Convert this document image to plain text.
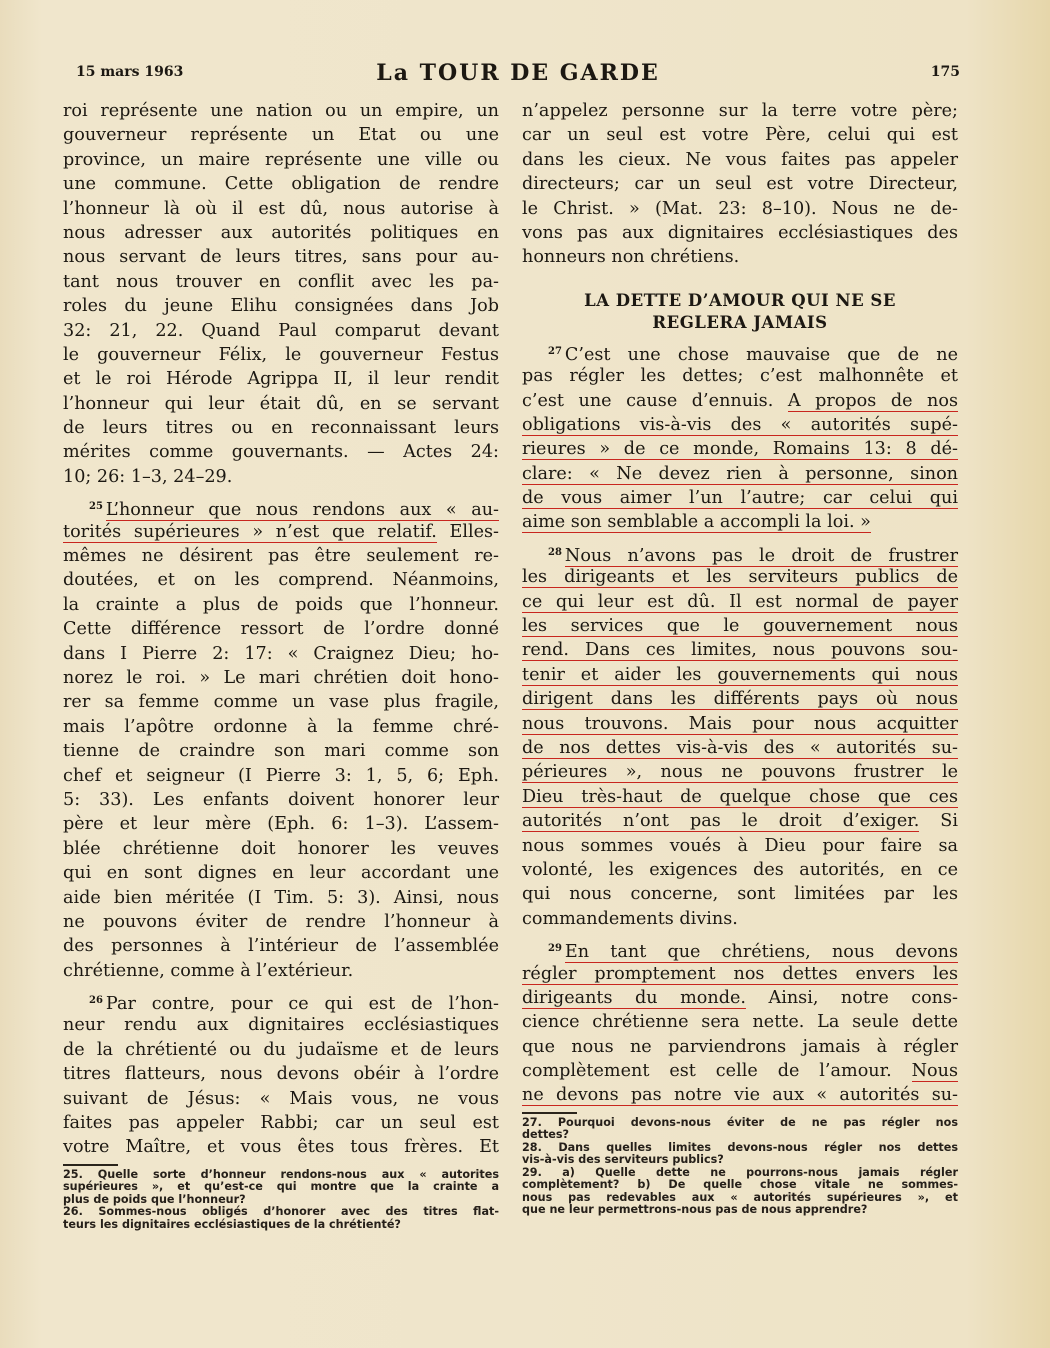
15 mars 1963	La TOUR DE GARDE	175
roi représente une nation ou un empire, un
gouverneur représente un Etat ou une
province, un maire représente une ville ou
une commune. Cette obligation de rendre
l’honneur là où il est dû, nous autorise à
nous adresser aux autorités politiques en
nous servant de leurs titres, sans pour au-
tant nous trouver en conflit avec les pa-
roles du jeune Elihu consignées dans Job
32: 21, 22. Quand Paul comparut devant
le gouverneur Félix, le gouverneur Festus
et le roi Hérode Agrippa II, il leur rendit
l’honneur qui leur était dû, en se servant
de leurs titres ou en reconnaissant leurs
mérites comme gouvernants. — Actes 24:
10; 26: 1–3, 24–29.
$^{25}$ L’honneur que nous rendons aux « au-
torités supérieures » n’est que relatif. Elles-
mêmes ne désirent pas être seulement re-
doutées, et on les comprend. Néanmoins,
la crainte a plus de poids que l’honneur.
Cette différence ressort de l’ordre donné
dans I Pierre 2: 17: « Craignez Dieu; ho-
norez le roi. » Le mari chrétien doit hono-
rer sa femme comme un vase plus fragile,
mais l’apôtre ordonne à la femme chré-
tienne de craindre son mari comme son
chef et seigneur (I Pierre 3: 1, 5, 6; Eph.
5: 33). Les enfants doivent honorer leur
père et leur mère (Eph. 6: 1–3). L’assem-
blée chrétienne doit honorer les veuves
qui en sont dignes en leur accordant une
aide bien méritée (I Tim. 5: 3). Ainsi, nous
ne pouvons éviter de rendre l’honneur à
des personnes à l’intérieur de l’assemblée
chrétienne, comme à l’extérieur.
$^{26}$ Par contre, pour ce qui est de l’hon-
neur rendu aux dignitaires ecclésiastiques
de la chrétienté ou du judaïsme et de leurs
titres flatteurs, nous devons obéir à l’ordre
suivant de Jésus: « Mais vous, ne vous
faites pas appeler Rabbi; car un seul est
votre Maître, et vous êtes tous frères. Et
25. Quelle sorte d’honneur rendons-nous aux « autorites
supérieures », et qu’est-ce qui montre que la crainte a
plus de poids que l’honneur?
26. Sommes-nous obligés d’honorer avec des titres flat-
teurs les dignitaires ecclésiastiques de la chrétienté?
n’appelez personne sur la terre votre père;
car un seul est votre Père, celui qui est
dans les cieux. Ne vous faites pas appeler
directeurs; car un seul est votre Directeur,
le Christ. » (Mat. 23: 8–10). Nous ne de-
vons pas aux dignitaires ecclésiastiques des
honneurs non chrétiens.
LA DETTE D’AMOUR QUI NE SE
REGLERA JAMAIS
$^{27}$ C’est une chose mauvaise que de ne
pas régler les dettes; c’est malhonnête et
c’est une cause d’ennuis. A propos de nos
obligations vis-à-vis des « autorités supé-
rieures » de ce monde, Romains 13: 8 dé-
clare: « Ne devez rien à personne, sinon
de vous aimer l’un l’autre; car celui qui
aime son semblable a accompli la loi. »
$^{28}$ Nous n’avons pas le droit de frustrer
les dirigeants et les serviteurs publics de
ce qui leur est dû. Il est normal de payer
les services que le gouvernement nous
rend. Dans ces limites, nous pouvons sou-
tenir et aider les gouvernements qui nous
dirigent dans les différents pays où nous
nous trouvons. Mais pour nous acquitter
de nos dettes vis-à-vis des « autorités su-
périeures », nous ne pouvons frustrer le
Dieu très-haut de quelque chose que ces
autorités n’ont pas le droit d’exiger. Si
nous sommes voués à Dieu pour faire sa
volonté, les exigences des autorités, en ce
qui nous concerne, sont limitées par les
commandements divins.
$^{29}$ En tant que chrétiens, nous devons
régler promptement nos dettes envers les
dirigeants du monde. Ainsi, notre cons-
cience chrétienne sera nette. La seule dette
que nous ne parviendrons jamais à régler
complètement est celle de l’amour. Nous
ne devons pas notre vie aux « autorités su-
27. Pourquoi devons-nous éviter de ne pas régler nos
dettes?
28. Dans quelles limites devons-nous régler nos dettes
vis-à-vis des serviteurs publics?
29. a) Quelle dette ne pourrons-nous jamais régler
complètement? b) De quelle chose vitale ne sommes-
nous pas redevables aux « autorités supérieures », et
que ne leur permettrons-nous pas de nous apprendre?
